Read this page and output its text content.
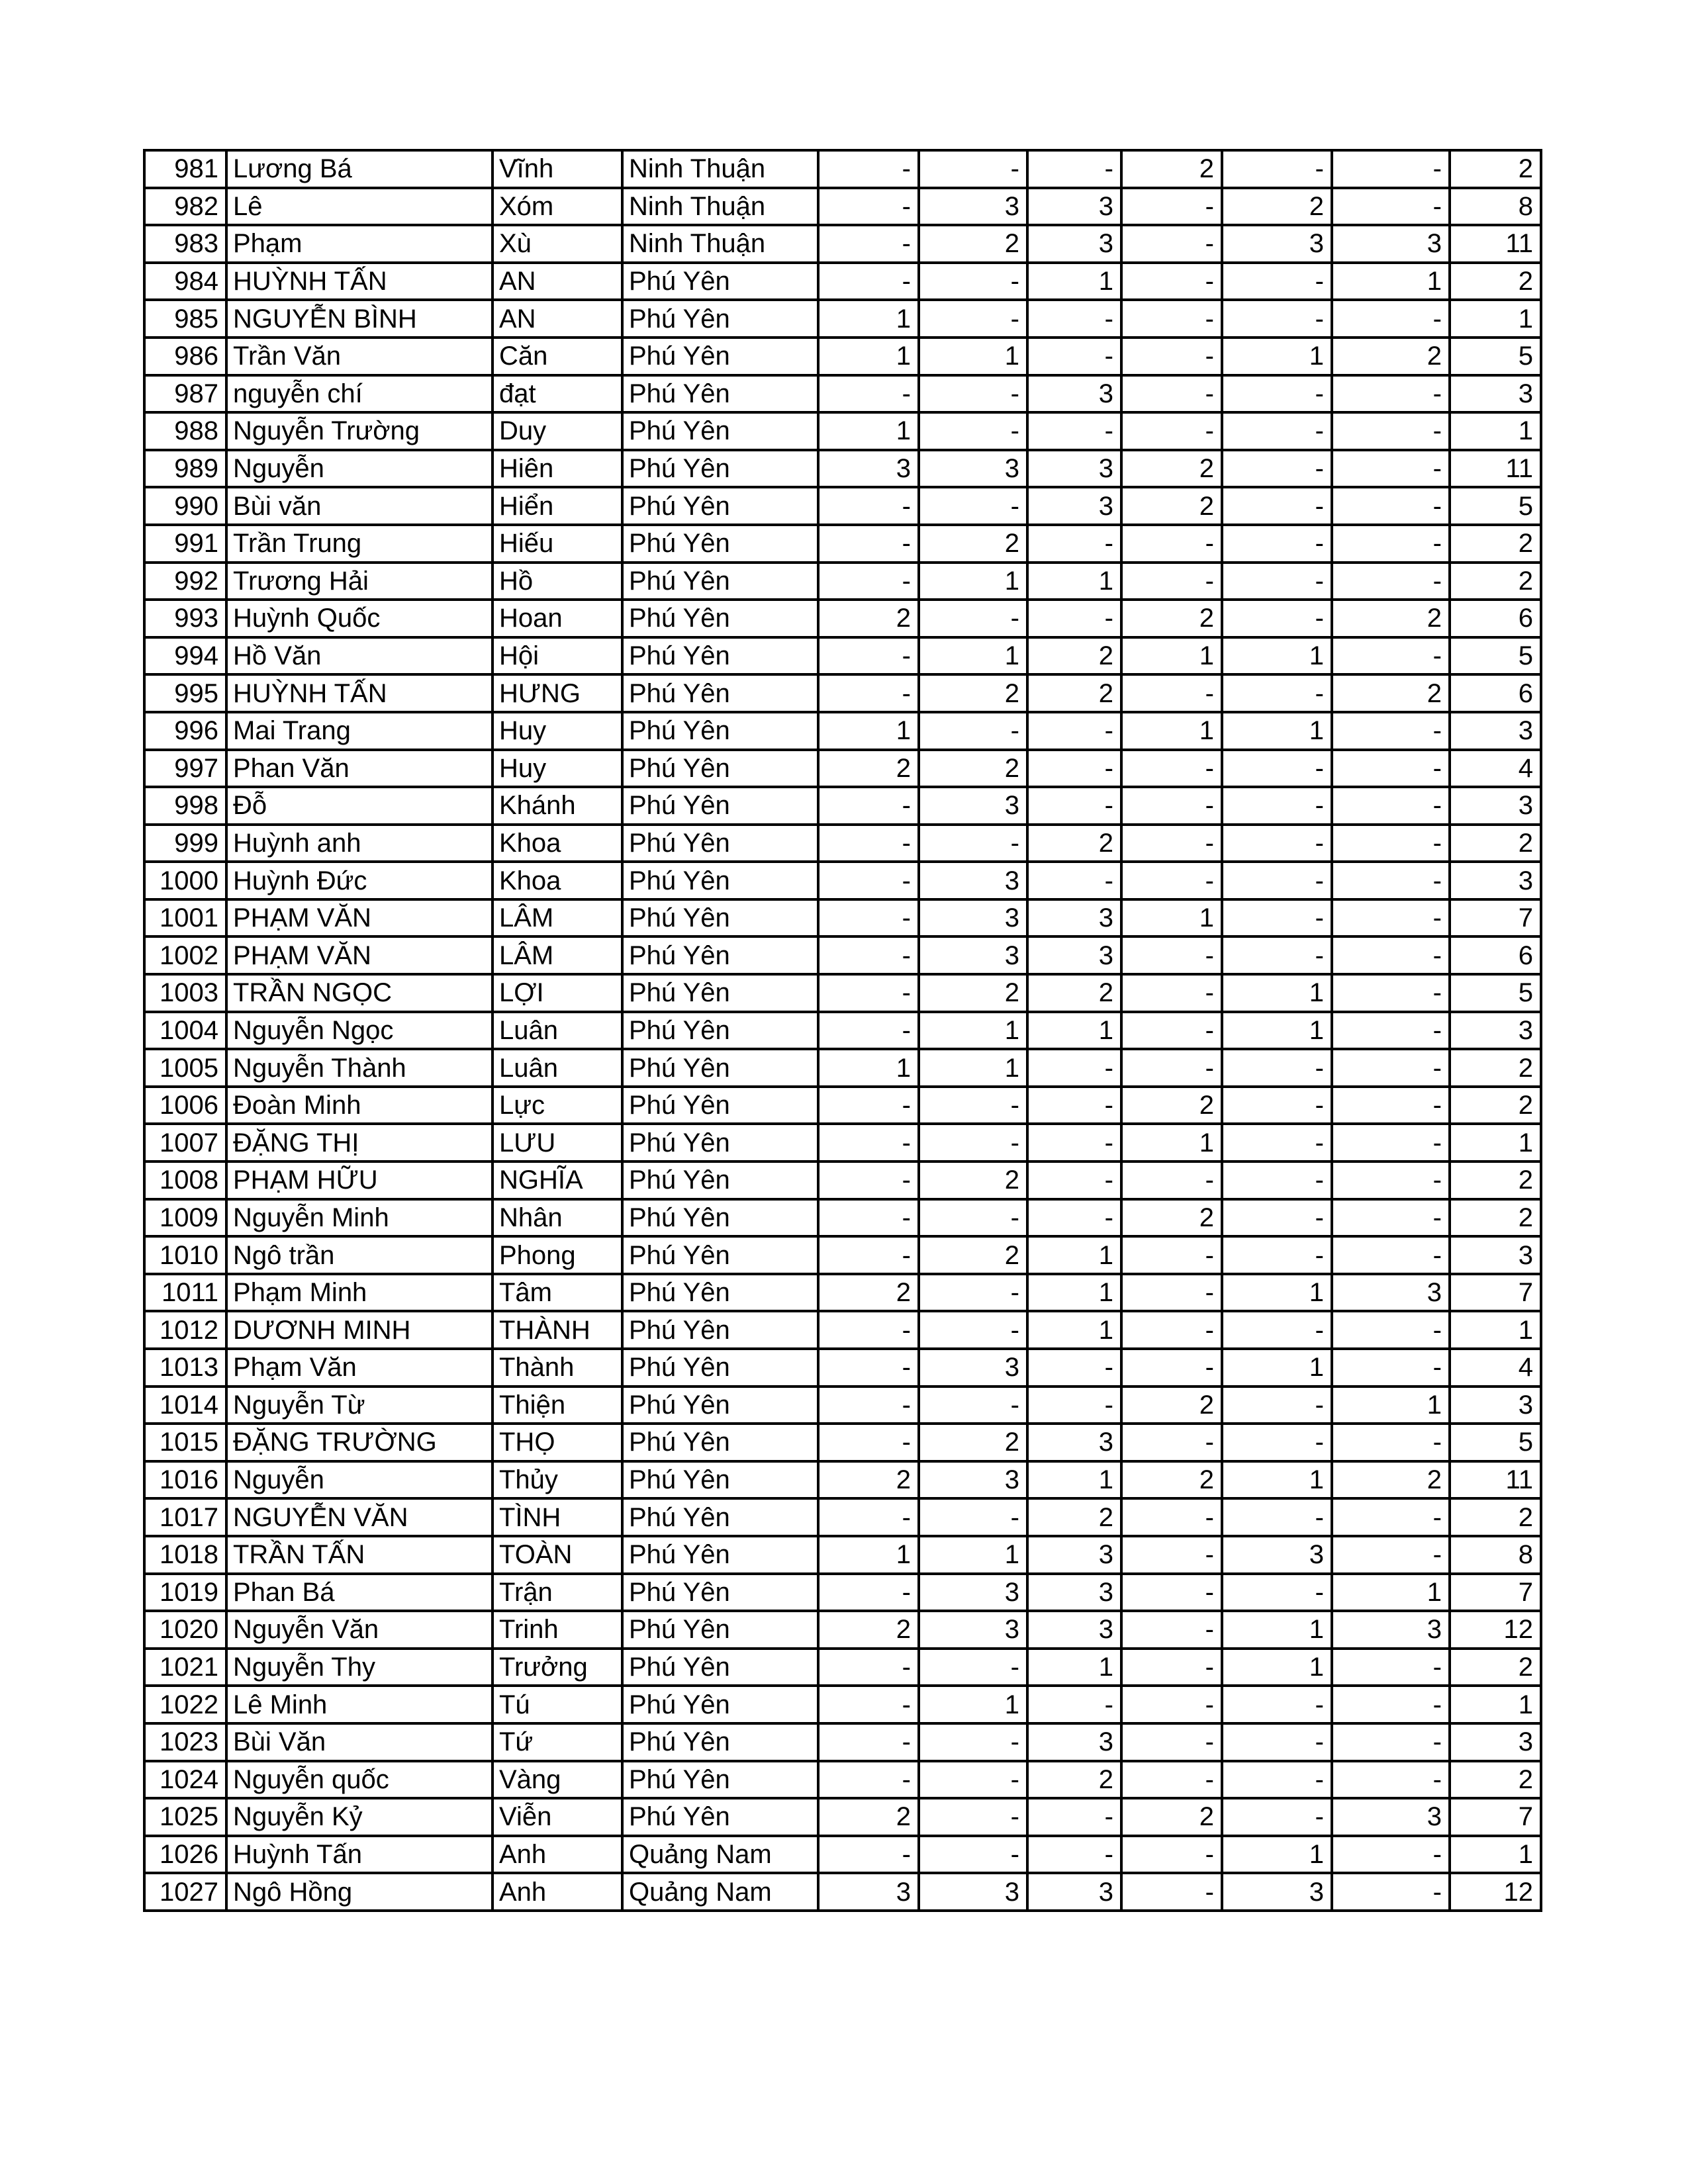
981	Lương Bá	Vĩnh	Ninh Thuận	-	-	-	2	-	-	2
982	Lê	Xóm	Ninh Thuận	-	3	3	-	2	-	8
983	Phạm	Xù	Ninh Thuận	-	2	3	-	3	3	11
984	HUỲNH TẤN	AN	Phú Yên	-	-	1	-	-	1	2
985	NGUYỄN BÌNH	AN	Phú Yên	1	-	-	-	-	-	1
986	Trần Văn	Căn	Phú Yên	1	1	-	-	1	2	5
987	nguyễn chí	đạt	Phú Yên	-	-	3	-	-	-	3
988	Nguyễn Trường	Duy	Phú Yên	1	-	-	-	-	-	1
989	Nguyễn	Hiên	Phú Yên	3	3	3	2	-	-	11
990	Bùi văn	Hiển	Phú Yên	-	-	3	2	-	-	5
991	Trần Trung	Hiếu	Phú Yên	-	2	-	-	-	-	2
992	Trương Hải	Hồ	Phú Yên	-	1	1	-	-	-	2
993	Huỳnh Quốc	Hoan	Phú Yên	2	-	-	2	-	2	6
994	Hồ Văn	Hội	Phú Yên	-	1	2	1	1	-	5
995	HUỲNH TẤN	HƯNG	Phú Yên	-	2	2	-	-	2	6
996	Mai Trang	Huy	Phú Yên	1	-	-	1	1	-	3
997	Phan Văn	Huy	Phú Yên	2	2	-	-	-	-	4
998	Đỗ	Khánh	Phú Yên	-	3	-	-	-	-	3
999	Huỳnh anh	Khoa	Phú Yên	-	-	2	-	-	-	2
1000	Huỳnh Đức	Khoa	Phú Yên	-	3	-	-	-	-	3
1001	PHẠM VĂN	LÂM	Phú Yên	-	3	3	1	-	-	7
1002	PHẠM VĂN	LÂM	Phú Yên	-	3	3	-	-	-	6
1003	TRẦN NGỌC	LỢI	Phú Yên	-	2	2	-	1	-	5
1004	Nguyễn Ngọc	Luân	Phú Yên	-	1	1	-	1	-	3
1005	Nguyễn Thành	Luân	Phú Yên	1	1	-	-	-	-	2
1006	Đoàn Minh	Lực	Phú Yên	-	-	-	2	-	-	2
1007	ĐẶNG THỊ	LƯU	Phú Yên	-	-	-	1	-	-	1
1008	PHẠM HỮU	NGHĨA	Phú Yên	-	2	-	-	-	-	2
1009	Nguyễn Minh	Nhân	Phú Yên	-	-	-	2	-	-	2
1010	Ngô trần	Phong	Phú Yên	-	2	1	-	-	-	3
1011	Phạm Minh	Tâm	Phú Yên	2	-	1	-	1	3	7
1012	DƯƠNH MINH	THÀNH	Phú Yên	-	-	1	-	-	-	1
1013	Phạm Văn	Thành	Phú Yên	-	3	-	-	1	-	4
1014	Nguyễn Từ	Thiện	Phú Yên	-	-	-	2	-	1	3
1015	ĐẶNG TRƯỜNG	THỌ	Phú Yên	-	2	3	-	-	-	5
1016	Nguyễn	Thủy	Phú Yên	2	3	1	2	1	2	11
1017	NGUYỄN VĂN	TÌNH	Phú Yên	-	-	2	-	-	-	2
1018	TRẦN TẤN	TOÀN	Phú Yên	1	1	3	-	3	-	8
1019	Phan Bá	Trận	Phú Yên	-	3	3	-	-	1	7
1020	Nguyễn Văn	Trinh	Phú Yên	2	3	3	-	1	3	12
1021	Nguyễn Thy	Trưởng	Phú Yên	-	-	1	-	1	-	2
1022	Lê Minh	Tú	Phú Yên	-	1	-	-	-	-	1
1023	Bùi Văn	Tứ	Phú Yên	-	-	3	-	-	-	3
1024	Nguyễn quốc	Vàng	Phú Yên	-	-	2	-	-	-	2
1025	Nguyễn Kỷ	Viễn	Phú Yên	2	-	-	2	-	3	7
1026	Huỳnh Tấn	Anh	Quảng Nam	-	-	-	-	1	-	1
1027	Ngô Hồng	Anh	Quảng Nam	3	3	3	-	3	-	12
